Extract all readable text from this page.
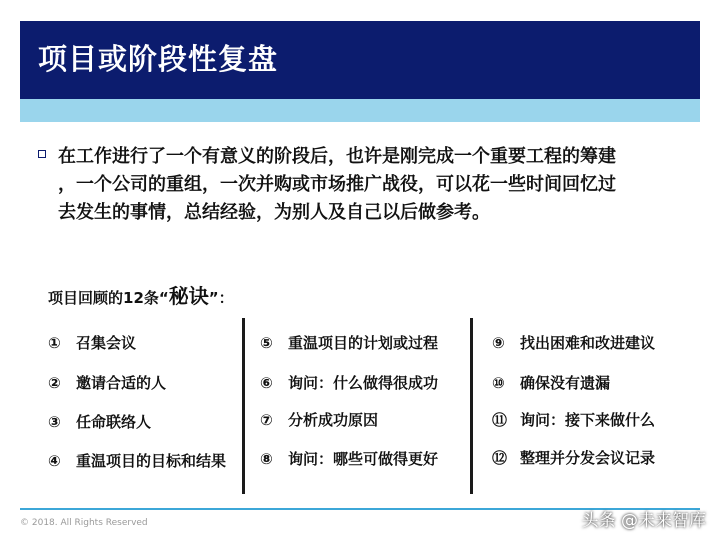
项目或阶段性复盘
在工作进行了一个有意义的阶段后，也许是刚完成一个重要工程的筹建
，一个公司的重组，一次并购或市场推广战役，可以花一些时间回忆过
去发生的事情，总结经验，为别人及自己以后做参考。
项目回顾的12条“秘诀”：
① 召集会议
② 邀请合适的人
③ 任命联络人
④ 重温项目的目标和结果
⑤ 重温项目的计划或过程
⑥ 询问：什么做得很成功
⑦ 分析成功原因
⑧ 询问：哪些可做得更好
⑨ 找出困难和改进建议
⑩ 确保没有遗漏
⑪ 询问：接下来做什么
⑫ 整理并分发会议记录
© 2018. All Rights Reserved	头条 @未来智库
